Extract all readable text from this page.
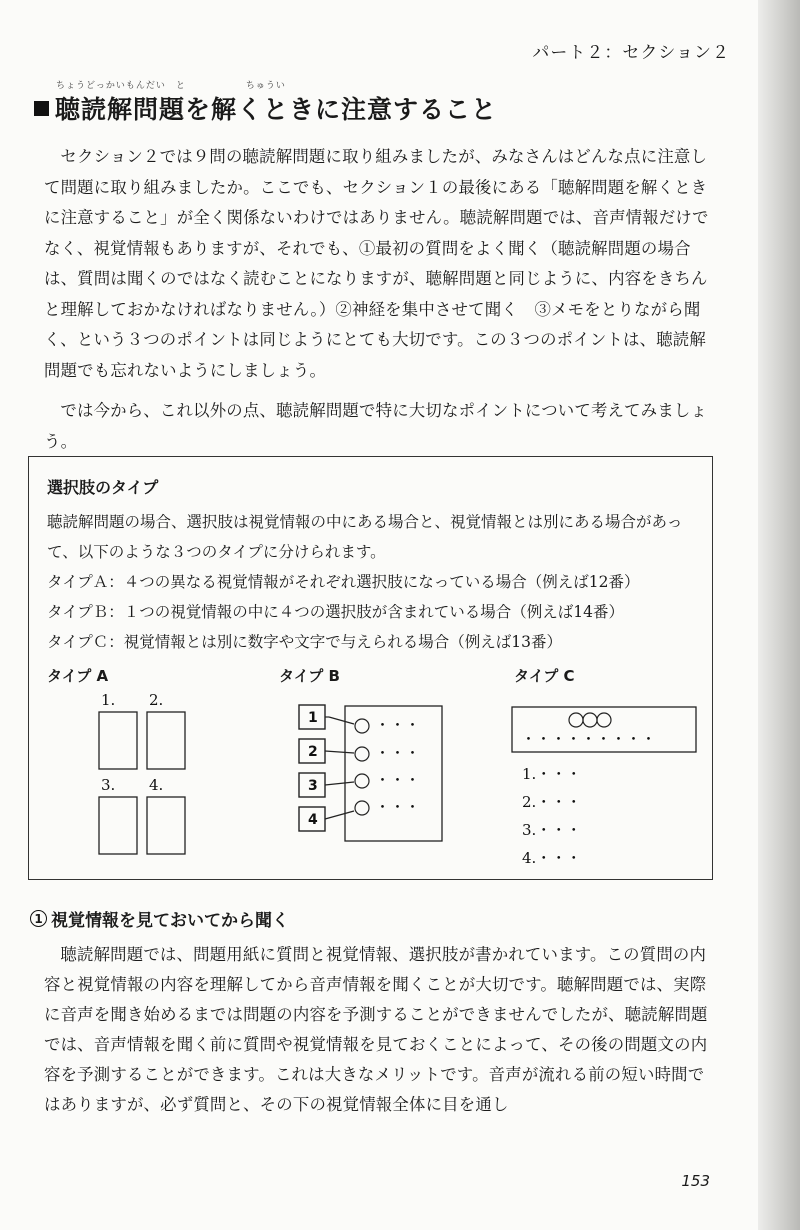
パート２：セクション２
ちょうどっかいもんだい　と　　　　　　ちゅうい
聴読解問題を解くときに注意すること

セクション２では９問の聴読解問題に取り組みましたが、みなさんはどんな点に注意して問題に取り組みましたか。ここでも、セクション１の最後にある「聴解問題を解くときに注意すること」が全く関係ないわけではありません。聴読解問題では、音声情報だけでなく、視覚情報もありますが、それでも、①最初の質問をよく聞く（聴読解問題の場合は、質問は聞くのではなく読むことになりますが、聴解問題と同じように、内容をきちんと理解しておかなければなりません。）②神経を集中させて聞く　③メモをとりながら聞く、という３つのポイントは同じようにとても大切です。この３つのポイントは、聴読解問題でも忘れないようにしましょう。

では今から、これ以外の点、聴読解問題で特に大切なポイントについて考えてみましょう。

選択肢のタイプ

聴読解問題の場合、選択肢は視覚情報の中にある場合と、視覚情報とは別にある場合があって、以下のような３つのタイプに分けられます。

タイプＡ：４つの異なる視覚情報がそれぞれ選択肢になっている場合（例えば12番）

タイプＢ：１つの視覚情報の中に４つの選択肢が含まれている場合（例えば14番）

タイプＣ：視覚情報とは別に数字や文字で与えられる場合（例えば13番）

タイプ A	タイプ B	タイプ C
1. 2.
3. 4.
1	・・・
2	・・・
3	・・・
4
・・・
・・・・・・・・・
1.・・・
2.・・・
3.・・・
4.・・・
1 視覚情報を見ておいてから聞く

聴読解問題では、問題用紙に質問と視覚情報、選択肢が書かれています。この質問の内容と視覚情報の内容を理解してから音声情報を聞くことが大切です。聴解問題では、実際に音声を聞き始めるまでは問題の内容を予測することができませんでしたが、聴読解問題では、音声情報を聞く前に質問や視覚情報を見ておくことによって、その後の問題文の内容を予測することができます。これは大きなメリットです。音声が流れる前の短い時間ではありますが、必ず質問と、その下の視覚情報全体に目を通し

153
